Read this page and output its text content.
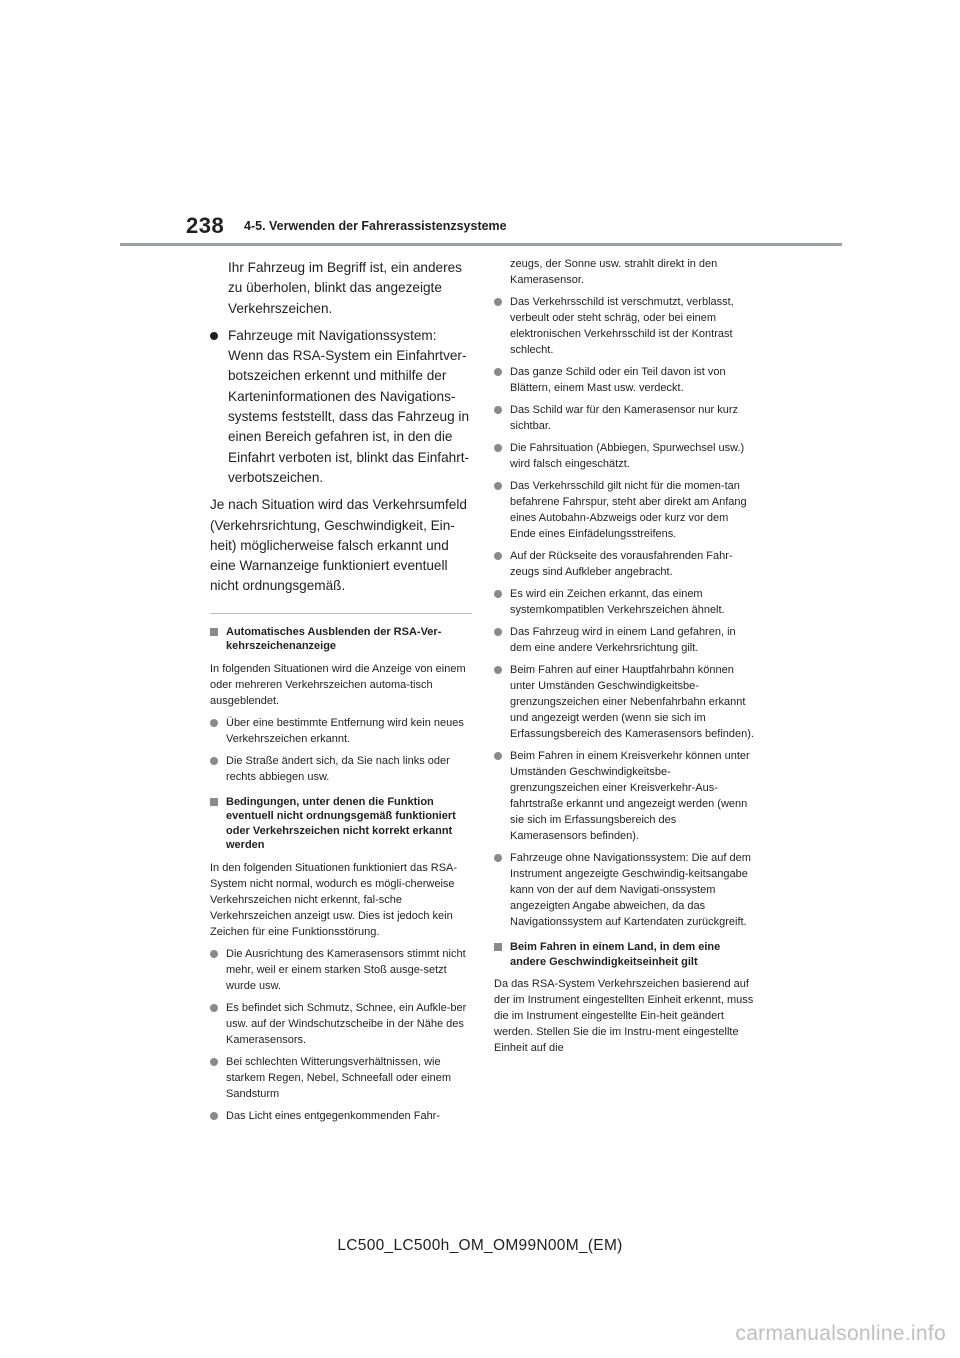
238 4-5. Verwenden der Fahrerassistenzsysteme
Ihr Fahrzeug im Begriff ist, ein anderes zu überholen, blinkt das angezeigte Verkehrszeichen.
Fahrzeuge mit Navigationssystem: Wenn das RSA-System ein Einfahrtver-botszeichen erkennt und mithilfe der Karteninformationen des Navigations-systems feststellt, dass das Fahrzeug in einen Bereich gefahren ist, in den die Einfahrt verboten ist, blinkt das Einfahrt-verbotszeichen.
Je nach Situation wird das Verkehrsumfeld (Verkehrsrichtung, Geschwindigkeit, Ein-heit) möglicherweise falsch erkannt und eine Warnanzeige funktioniert eventuell nicht ordnungsgemäß.
Automatisches Ausblenden der RSA-Ver-kehrszeichenanzeige
In folgenden Situationen wird die Anzeige von einem oder mehreren Verkehrszeichen automa-tisch ausgeblendet.
Über eine bestimmte Entfernung wird kein neues Verkehrszeichen erkannt.
Die Straße ändert sich, da Sie nach links oder rechts abbiegen usw.
Bedingungen, unter denen die Funktion eventuell nicht ordnungsgemäß funktioniert oder Verkehrszeichen nicht korrekt erkannt werden
In den folgenden Situationen funktioniert das RSA-System nicht normal, wodurch es mögli-cherweise Verkehrszeichen nicht erkennt, fal-sche Verkehrszeichen anzeigt usw. Dies ist jedoch kein Zeichen für eine Funktionsstörung.
Die Ausrichtung des Kamerasensors stimmt nicht mehr, weil er einem starken Stoß ausge-setzt wurde usw.
Es befindet sich Schmutz, Schnee, ein Aufkle-ber usw. auf der Windschutzscheibe in der Nähe des Kamerasensors.
Bei schlechten Witterungsverhältnissen, wie starkem Regen, Nebel, Schneefall oder einem Sandsturm
Das Licht eines entgegenkommenden Fahr-
zeugs, der Sonne usw. strahlt direkt in den Kamerasensor.
Das Verkehrsschild ist verschmutzt, verblasst, verbeult oder steht schräg, oder bei einem elektronischen Verkehrsschild ist der Kontrast schlecht.
Das ganze Schild oder ein Teil davon ist von Blättern, einem Mast usw. verdeckt.
Das Schild war für den Kamerasensor nur kurz sichtbar.
Die Fahrsituation (Abbiegen, Spurwechsel usw.) wird falsch eingeschätzt.
Das Verkehrsschild gilt nicht für die momen-tan befahrene Fahrspur, steht aber direkt am Anfang eines Autobahn-Abzweigs oder kurz vor dem Ende eines Einfädelungsstreifens.
Auf der Rückseite des vorausfahrenden Fahr-zeugs sind Aufkleber angebracht.
Es wird ein Zeichen erkannt, das einem systemkompatiblen Verkehrszeichen ähnelt.
Das Fahrzeug wird in einem Land gefahren, in dem eine andere Verkehrsrichtung gilt.
Beim Fahren auf einer Hauptfahrbahn können unter Umständen Geschwindigkeitsbe-grenzungszeichen einer Nebenfahrbahn erkannt und angezeigt werden (wenn sie sich im Erfassungsbereich des Kamerasensors befinden).
Beim Fahren in einem Kreisverkehr können unter Umständen Geschwindigkeitsbe-grenzungszeichen einer Kreisverkehr-Aus-fahrtstraße erkannt und angezeigt werden (wenn sie sich im Erfassungsbereich des Kamerasensors befinden).
Fahrzeuge ohne Navigationssystem: Die auf dem Instrument angezeigte Geschwindig-keitsangabe kann von der auf dem Navigati-onssystem angezeigten Angabe abweichen, da das Navigationssystem auf Kartendaten zurückgreift.
Beim Fahren in einem Land, in dem eine andere Geschwindigkeitseinheit gilt
Da das RSA-System Verkehrszeichen basierend auf der im Instrument eingestellten Einheit erkennt, muss die im Instrument eingestellte Ein-heit geändert werden. Stellen Sie die im Instru-ment eingestellte Einheit auf die
LC500_LC500h_OM_OM99N00M_(EM)
carmanualsonline.info
